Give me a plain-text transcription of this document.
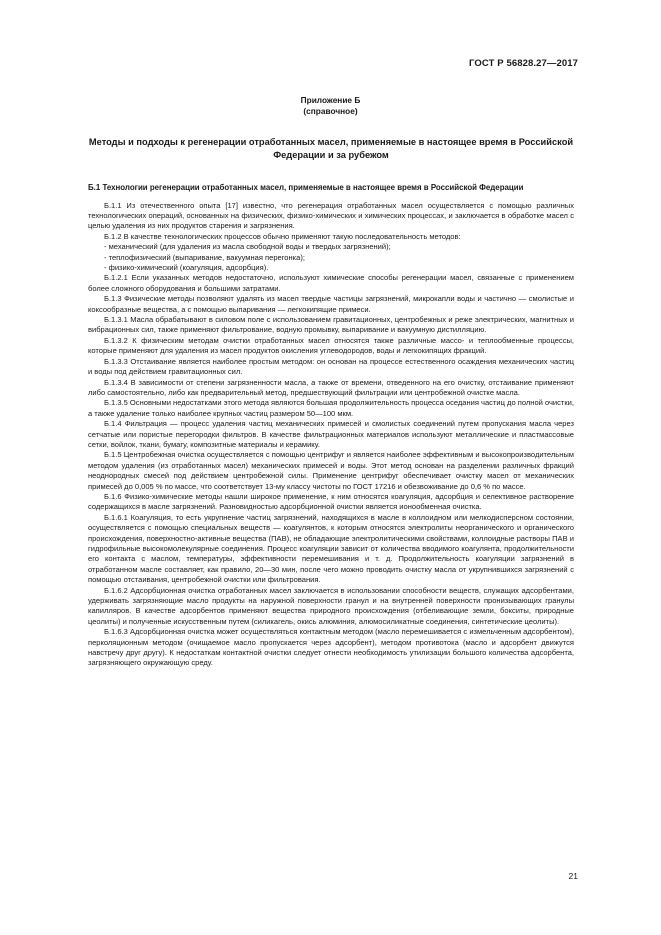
ГОСТ Р 56828.27—2017
Приложение Б
(справочное)
Методы и подходы к регенерации отработанных масел, применяемые в настоящее время в Российской Федерации и за рубежом
Б.1 Технологии регенерации отработанных масел, применяемые в настоящее время в Российской Федерации

Б.1.1 Из отечественного опыта [17] известно, что регенерация отработанных масел осуществляется с помощью различных технологических операций, основанных на физических, физико-химических и химических процессах, и заключается в обработке масел с целью удаления из них продуктов старения и загрязнения.

Б.1.2 В качестве технологических процессов обычно применяют такую последовательность методов:

- механический (для удаления из масла свободной воды и твердых загрязнений);

- теплофизический (выпаривание, вакуумная перегонка);

- физико-химический (коагуляция, адсорбция).

Б.1.2.1 Если указанных методов недостаточно, используют химические способы регенерации масел, связанные с применением более сложного оборудования и большими затратами.

Б.1.3 Физические методы позволяют удалять из масел твердые частицы загрязнений, микрокапли воды и частично — смолистые и коксообразные вещества, а с помощью выпаривания — легкокипящие примеси.

Б.1.3.1 Масла обрабатывают в силовом поле с использованием гравитационных, центробежных и реже электрических, магнитных и вибрационных сил, также применяют фильтрование, водную промывку, выпаривание и вакуумную дистилляцию.

Б.1.3.2 К физическим методам очистки отработанных масел относятся также различные массо- и теплообменные процессы, которые применяют для удаления из масел продуктов окисления углеводородов, воды и легкокипящих фракций.

Б.1.3.3 Отстаивание является наиболее простым методом: он основан на процессе естественного осаждения механических частиц и воды под действием гравитационных сил.

Б.1.3.4 В зависимости от степени загрязненности масла, а также от времени, отведенного на его очистку, отстаивание применяют либо самостоятельно, либо как предварительный метод, предшествующий фильтрации или центробежной очистке масла.

Б.1.3.5 Основными недостатками этого метода являются большая продолжительность процесса оседания частиц до полной очистки, а также удаление только наиболее крупных частиц размером 50—100 мкм.

Б.1.4 Фильтрация — процесс удаления частиц механических примесей и смолистых соединений путем пропускания масла через сетчатые или пористые перегородки фильтров. В качестве фильтрационных материалов используют металлические и пластмассовые сетки, войлок, ткани, бумагу, композитные материалы и керамику.

Б.1.5 Центробежная очистка осуществляется с помощью центрифуг и является наиболее эффективным и высокопроизводительным методом удаления (из отработанных масел) механических примесей и воды. Этот метод основан на разделении различных фракций неоднородных смесей под действием центробежной силы. Применение центрифуг обеспечивает очистку масел от механических примесей до 0,005 % по массе, что соответствует 13-му классу чистоты по ГОСТ 17216 и обезвоживание до 0,6 % по массе.

Б.1.6 Физико-химические методы нашли широкое применение, к ним относятся коагуляция, адсорбция и селективное растворение содержащихся в масле загрязнений. Разновидностью адсорбционной очистки является ионообменная очистка.

Б.1.6.1 Коагуляция, то есть укрупнение частиц загрязнений, находящихся в масле в коллоидном или мелкодисперсном состоянии, осуществляется с помощью специальных веществ — коагулянтов, к которым относятся электролиты неорганического и органического происхождения, поверхностно-активные вещества (ПАВ), не обладающие электролитическими свойствами, коллоидные растворы ПАВ и гидрофильные высокомолекулярные соединения. Процесс коагуляции зависит от количества вводимого коагулянта, продолжительности его контакта с маслом, температуры, эффективности перемешивания и т. д. Продолжительность коагуляции загрязнений в отработанном масле составляет, как правило, 20—30 мин, после чего можно проводить очистку масла от укрупнившихся загрязнений с помощью отстаивания, центробежной очистки или фильтрования.

Б.1.6.2 Адсорбционная очистка отработанных масел заключается в использовании способности веществ, служащих адсорбентами, удерживать загрязняющие масло продукты на наружной поверхности гранул и на внутренней поверхности пронизывающих гранулы капилляров. В качестве адсорбентов применяют вещества природного происхождения (отбеливающие земли, бокситы, природные цеолиты) и полученные искусственным путем (силикагель, окись алюминия, алюмосиликатные соединения, синтетические цеолиты).

Б.1.6.3 Адсорбционная очистка может осуществляться контактным методом (масло перемешивается с измельченным адсорбентом), перколяционным методом (очищаемое масло пропускается через адсорбент), методом противотока (масло и адсорбент движутся навстречу друг другу). К недостаткам контактной очистки следует отнести необходимость утилизации большого количества адсорбента, загрязняющего окружающую среду.

21
